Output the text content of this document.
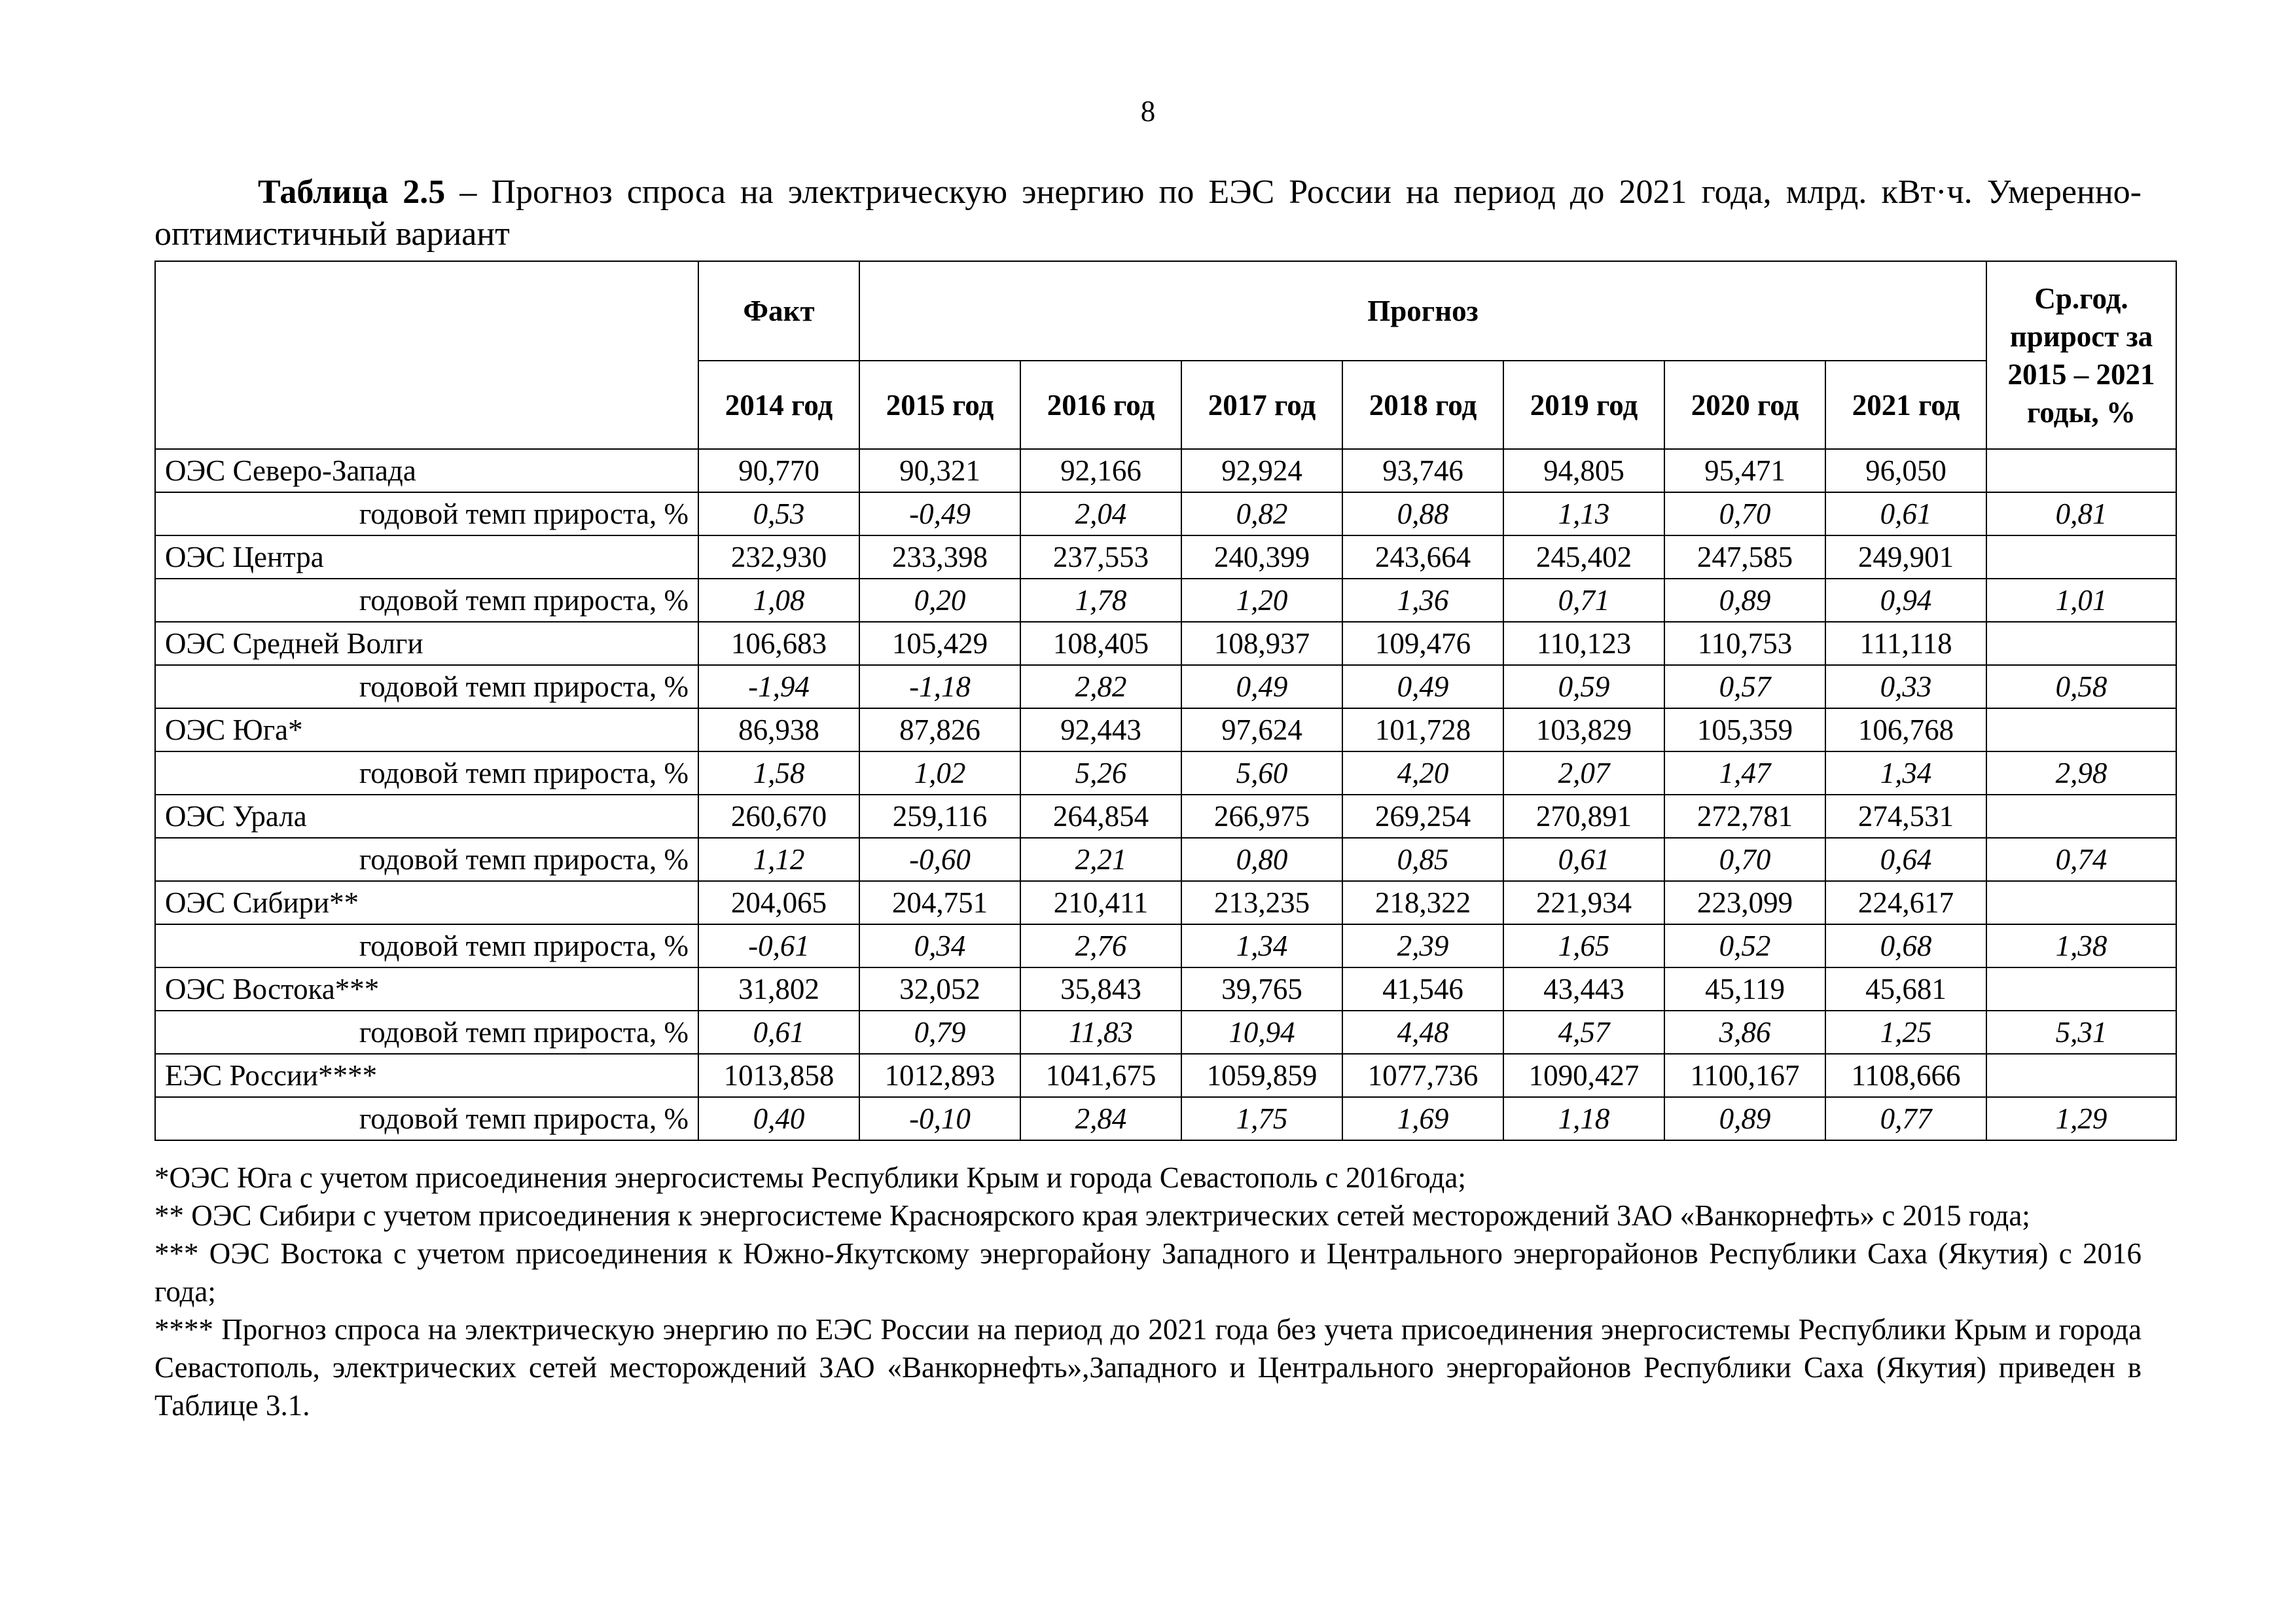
8
Таблица 2.5 – Прогноз спроса на электрическую энергию по ЕЭС России на период до 2021 года, млрд. кВт·ч. Умеренно-оптимистичный вариант
	Факт	Прогноз							Ср.год. прирост за 2015 – 2021 годы, %
	2014 год	2015 год	2016 год	2017 год	2018 год	2019 год	2020 год	2021 год	
ОЭС Северо-Запада	90,770	90,321	92,166	92,924	93,746	94,805	95,471	96,050	
годовой темп прироста, %	0,53	-0,49	2,04	0,82	0,88	1,13	0,70	0,61	0,81
ОЭС Центра	232,930	233,398	237,553	240,399	243,664	245,402	247,585	249,901	
годовой темп прироста, %	1,08	0,20	1,78	1,20	1,36	0,71	0,89	0,94	1,01
ОЭС Средней Волги	106,683	105,429	108,405	108,937	109,476	110,123	110,753	111,118	
годовой темп прироста, %	-1,94	-1,18	2,82	0,49	0,49	0,59	0,57	0,33	0,58
ОЭС Юга*	86,938	87,826	92,443	97,624	101,728	103,829	105,359	106,768	
годовой темп прироста, %	1,58	1,02	5,26	5,60	4,20	2,07	1,47	1,34	2,98
ОЭС Урала	260,670	259,116	264,854	266,975	269,254	270,891	272,781	274,531	
годовой темп прироста, %	1,12	-0,60	2,21	0,80	0,85	0,61	0,70	0,64	0,74
ОЭС Сибири**	204,065	204,751	210,411	213,235	218,322	221,934	223,099	224,617	
годовой темп прироста, %	-0,61	0,34	2,76	1,34	2,39	1,65	0,52	0,68	1,38
ОЭС Востока***	31,802	32,052	35,843	39,765	41,546	43,443	45,119	45,681	
годовой темп прироста, %	0,61	0,79	11,83	10,94	4,48	4,57	3,86	1,25	5,31
ЕЭС России****	1013,858	1012,893	1041,675	1059,859	1077,736	1090,427	1100,167	1108,666	
годовой темп прироста, %	0,40	-0,10	2,84	1,75	1,69	1,18	0,89	0,77	1,29

*ОЭС Юга с учетом присоединения энергосистемы Республики Крым и города Севастополь с 2016года;

** ОЭС Сибири с учетом присоединения к энергосистеме Красноярского края электрических сетей месторождений ЗАО «Ванкорнефть» с 2015 года;

*** ОЭС Востока с учетом присоединения к Южно-Якутскому энергорайону Западного и Центрального энергорайонов Республики Саха (Якутия) с 2016 года;

**** Прогноз спроса на электрическую энергию по ЕЭС России на период до 2021 года без учета присоединения энергосистемы Республики Крым и города Севастополь, электрических сетей месторождений ЗАО «Ванкорнефть»,Западного и Центрального энергорайонов Республики Саха (Якутия) приведен в Таблице 3.1.
